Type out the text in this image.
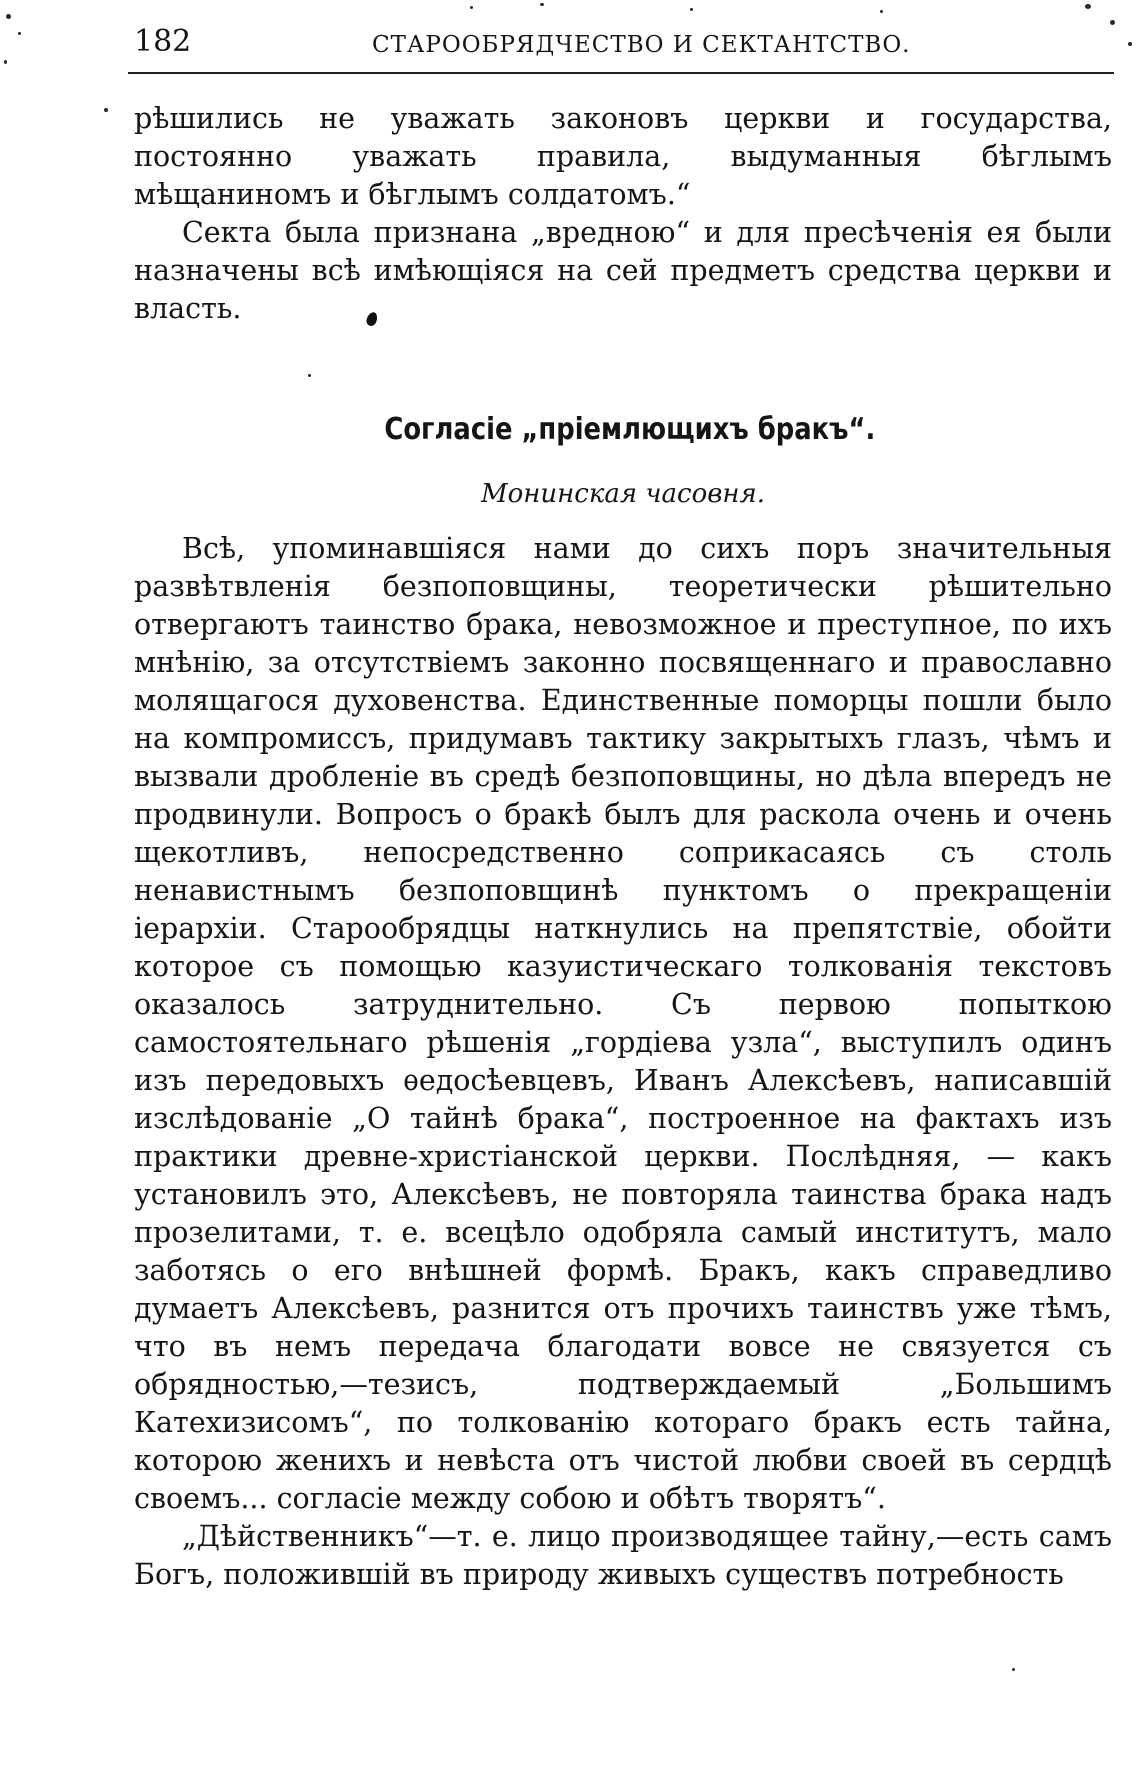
182	СТАРООБРЯДЧЕСТВО И СЕКТАНТСТВО.

рѣшились не уважать законовъ церкви и государства, постоянно уважать правила, выдуманныя бѣглымъ мѣщаниномъ и бѣглымъ солдатомъ.“

Секта была признана „вредною“ и для пресѣченія ея были назначены всѣ имѣющіяся на сей предметъ средства церкви и власть.

Согласіе „пріемлющихъ бракъ“.
Монинская часовня.

Всѣ, упоминавшіяся нами до сихъ поръ значительныя развѣтвленія безпоповщины, теоретически рѣшительно отвергаютъ таинство брака, невозможное и преступное, по ихъ мнѣнію, за отсутствіемъ законно посвященнаго и православно молящагося духовенства. Единственные поморцы пошли было на компромиссъ, придумавъ тактику закрытыхъ глазъ, чѣмъ и вызвали дробленіе въ средѣ безпоповщины, но дѣла впередъ не продвинули. Вопросъ о бракѣ былъ для раскола очень и очень щекотливъ, непосредственно соприкасаясь съ столь ненавистнымъ безпоповщинѣ пунктомъ о прекращеніи іерархіи. Старообрядцы наткнулись на препятствіе, обойти которое съ помощью казуистическаго толкованія текстовъ оказалось затруднительно. Съ первою попыткою самостоятельнаго рѣшенія „гордіева узла“, выступилъ одинъ изъ передовыхъ ѳедосѣевцевъ, Иванъ Алексѣевъ, написавшій изслѣдованіе „О тайнѣ брака“, построенное на фактахъ изъ практики древне-христіанской церкви. Послѣдняя, — какъ установилъ это, Алексѣевъ, не повторяла таинства брака надъ прозелитами, т. е. всецѣло одобряла самый институтъ, мало заботясь о его внѣшней формѣ. Бракъ, какъ справедливо думаетъ Алексѣевъ, разнится отъ прочихъ таинствъ уже тѣмъ, что въ немъ передача благодати вовсе не связуется съ обрядностью,—тезисъ, подтверждаемый „Большимъ Катехизисомъ“, по толкованію котораго бракъ есть тайна, которою женихъ и невѣста отъ чистой любви своей въ сердцѣ своемъ... согласіе между собою и обѣтъ творятъ“.

„Дѣйственникъ“—т. е. лицо производящее тайну,—есть самъ Богъ, положившій въ природу живыхъ существъ потребность
